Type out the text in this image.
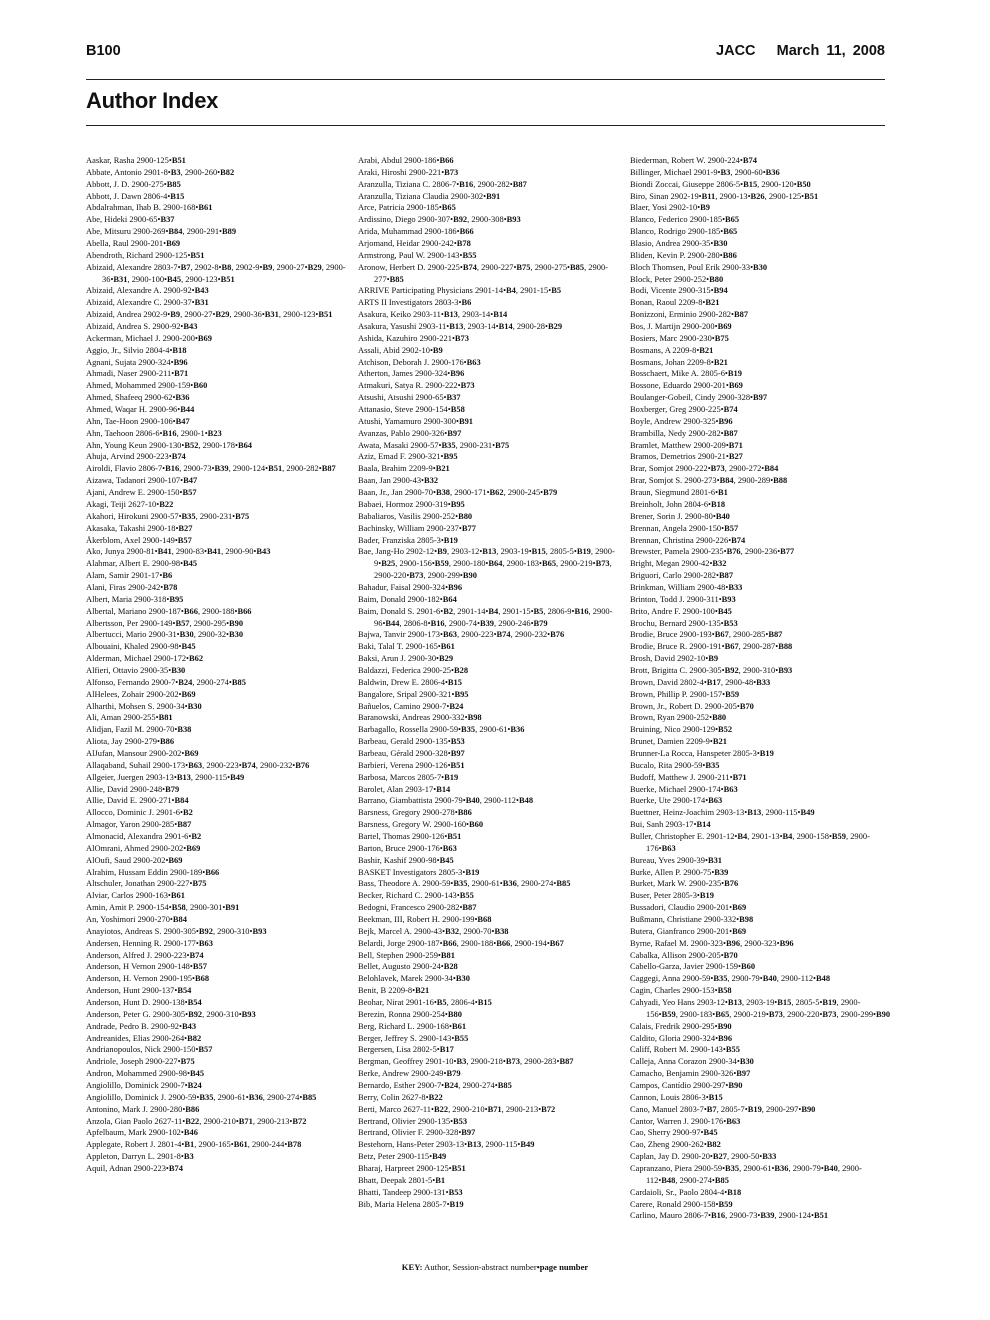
B100	JACC March 11, 2008
Author Index
Aaskar, Rasha 2900-125•B51
Abbate, Antonio 2901-8•B3, 2900-260•B82
Abbott, J. D. 2900-275•B85
Abbott, J. Dawn 2806-4•B15
Abdalrahman, Ihab B. 2900-168•B61
Abe, Hideki 2900-65•B37
Abe, Mitsuru 2900-269•B84, 2900-291•B89
Abella, Raul 2900-201•B69
Abendroth, Richard 2900-125•B51
Abizaid, Alexandre 2803-7•B7, 2902-8•B8, 2902-9•B9, 2900-27•B29, 2900-36•B31, 2900-100•B45, 2900-123•B51
Abizaid, Alexandre A. 2900-92•B43
Abizaid, Alexandre C. 2900-37•B31
Abizaid, Andrea 2902-9•B9, 2900-27•B29, 2900-36•B31, 2900-123•B51
Abizaid, Andrea S. 2900-92•B43
Ackerman, Michael J. 2900-200•B69
Aggio, Jr., Silvio 2804-4•B18
Agnani, Sujata 2900-324•B96
Ahmadi, Naser 2900-211•B71
Ahmed, Mohammed 2900-159•B60
Ahmed, Shafeeq 2900-62•B36
Ahmed, Waqar H. 2900-96•B44
Ahn, Tae-Hoon 2900-106•B47
Ahn, Taehoon 2806-6•B16, 2900-1•B23
Ahn, Young Keun 2900-130•B52, 2900-178•B64
Ahuja, Arvind 2900-223•B74
Airoldi, Flavio 2806-7•B16, 2900-73•B39, 2900-124•B51, 2900-282•B87
Aizawa, Tadanori 2900-107•B47
Ajani, Andrew E. 2900-150•B57
Akagi, Teiji 2627-10•B22
Akahori, Hirokuni 2900-57•B35, 2900-231•B75
Akasaka, Takashi 2900-18•B27
Åkerblom, Axel 2900-149•B57
Ako, Junya 2900-81•B41, 2900-83•B41, 2900-90•B43
Alahmar, Albert E. 2900-98•B45
Alam, Samir 2901-17•B6
Alani, Firas 2900-242•B78
Albert, Maria 2900-318•B95
Albertal, Mariano 2900-187•B66, 2900-188•B66
Albertsson, Per 2900-149•B57, 2900-295•B90
Albertucci, Mario 2900-31•B30, 2900-32•B30
Albouaini, Khaled 2900-98•B45
Alderman, Michael 2900-172•B62
Alfieri, Ottavio 2900-35•B30
Alfonso, Fernando 2900-7•B24, 2900-274•B85
AlHelees, Zohair 2900-202•B69
Alharthi, Mohsen S. 2900-34•B30
Ali, Aman 2900-255•B81
Alidjan, Fazil M. 2900-70•B38
Aliota, Jay 2900-279•B86
AlJufan, Mansour 2900-202•B69
Allaqaband, Suhail 2900-173•B63, 2900-223•B74, 2900-232•B76
Allgeier, Juergen 2903-13•B13, 2900-115•B49
Allie, David 2900-248•B79
Allie, David E. 2900-271•B84
Allocco, Dominic J. 2901-6•B2
Almagor, Yaron 2900-285•B87
Almonacid, Alexandra 2901-6•B2
AlOmrani, Ahmed 2900-202•B69
AlOufi, Saud 2900-202•B69
Alrahim, Hussam Eddin 2900-189•B66
Altschuler, Jonathan 2900-227•B75
Alviar, Carlos 2900-163•B61
Amin, Amit P. 2900-154•B58, 2900-301•B91
An, Yoshimori 2900-270•B84
Anayiotos, Andreas S. 2900-305•B92, 2900-310•B93
Andersen, Henning R. 2900-177•B63
Anderson, Alfred J. 2900-223•B74
Anderson, H Vernon 2900-148•B57
Anderson, H. Vernon 2900-195•B68
Anderson, Hunt 2900-137•B54
Anderson, Hunt D. 2900-138•B54
Anderson, Peter G. 2900-305•B92, 2900-310•B93
Andrade, Pedro B. 2900-92•B43
Andreanides, Elias 2900-264•B82
Andrianopoulos, Nick 2900-150•B57
Andriole, Joseph 2900-227•B75
Andron, Mohammed 2900-98•B45
Angiolillo, Dominick 2900-7•B24
Angiolillo, Dominick J. 2900-59•B35, 2900-61•B36, 2900-274•B85
Antonino, Mark J. 2900-280•B86
Anzola, Gian Paolo 2627-11•B22, 2900-210•B71, 2900-213•B72
Apfelbaum, Mark 2900-102•B46
Applegate, Robert J. 2801-4•B1, 2900-165•B61, 2900-244•B78
Appleton, Darryn L. 2901-8•B3
Aquil, Adnan 2900-223•B74
Arabi, Abdul 2900-186•B66
Araki, Hiroshi 2900-221•B73
Aranzulla, Tiziana C. 2806-7•B16, 2900-282•B87
Aranzulla, Tiziana Claudia 2900-302•B91
Arce, Patricia 2900-185•B65
Ardissino, Diego 2900-307•B92, 2900-308•B93
Arida, Muhammad 2900-186•B66
Arjomand, Heidar 2900-242•B78
Armstrong, Paul W. 2900-143•B55
Aronow, Herbert D. 2900-225•B74, 2900-227•B75, 2900-275•B85, 2900-277•B85
ARRIVE Participating Physicians 2901-14•B4, 2901-15•B5
ARTS II Investigators 2803-3•B6
Asakura, Keiko 2903-11•B13, 2903-14•B14
Asakura, Yasushi 2903-11•B13, 2903-14•B14, 2900-28•B29
Ashida, Kazuhiro 2900-221•B73
Assali, Abid 2902-10•B9
Atchison, Deborah J. 2900-176•B63
Atherton, James 2900-324•B96
Atmakuri, Satya R. 2900-222•B73
Atsushi, Atsushi 2900-65•B37
Attanasio, Steve 2900-154•B58
Atushi, Yamamuro 2900-300•B91
Avanzas, Pablo 2900-326•B97
Awata, Masaki 2900-57•B35, 2900-231•B75
Aziz, Emad F. 2900-321•B95
Baala, Brahim 2209-9•B21
Baan, Jan 2900-43•B32
Baan, Jr., Jan 2900-70•B38, 2900-171•B62, 2900-245•B79
Babaei, Hormoz 2900-319•B95
Babaliaros, Vasilis 2900-252•B80
Bachinsky, William 2900-237•B77
Bader, Franziska 2805-3•B19
Bae, Jang-Ho 2902-12•B9, 2903-12•B13, 2903-19•B15, 2805-5•B19, 2900-9•B25, 2900-156•B59, 2900-180•B64, 2900-183•B65, 2900-219•B73, 2900-220•B73, 2900-299•B90
Bahadur, Faisal 2900-324•B96
Baim, Donald 2900-182•B64
Baim, Donald S. 2901-6•B2, 2901-14•B4, 2901-15•B5, 2806-9•B16, 2900-96•B44, 2806-8•B16, 2900-74•B39, 2900-246•B79
Bajwa, Tanvir 2900-173•B63, 2900-223•B74, 2900-232•B76
Baki, Talal T. 2900-165•B61
Baksi, Arun J. 2900-30•B29
Baldazzi, Federica 2900-25•B28
Baldwin, Drew E. 2806-4•B15
Bangalore, Sripal 2900-321•B95
Bañuelos, Camino 2900-7•B24
Baranowski, Andreas 2900-332•B98
Barbagallo, Rossella 2900-59•B35, 2900-61•B36
Barbeau, Gerald 2900-135•B53
Barbeau, Gérald 2900-328•B97
Barbieri, Verena 2900-126•B51
Barbosa, Marcos 2805-7•B19
Barolet, Alan 2903-17•B14
Barrano, Giambattista 2900-79•B40, 2900-112•B48
Barsness, Gregory 2900-278•B86
Barsness, Gregory W. 2900-160•B60
Bartel, Thomas 2900-126•B51
Barton, Bruce 2900-176•B63
Bashir, Kashif 2900-98•B45
BASKET Investigators 2805-3•B19
Bass, Theodore A. 2900-59•B35, 2900-61•B36, 2900-274•B85
Becker, Richard C. 2900-143•B55
Bedogni, Francesco 2900-282•B87
Beekman, III, Robert H. 2900-199•B68
Bejk, Marcel A. 2900-43•B32, 2900-70•B38
Belardi, Jorge 2900-187•B66, 2900-188•B66, 2900-194•B67
Bell, Stephen 2900-259•B81
Bellet, Augusto 2900-24•B28
Belohlavek, Marek 2900-34•B30
Benit, B 2209-8•B21
Beohar, Nirat 2901-16•B5, 2806-4•B15
Berezin, Ronna 2900-254•B80
Berg, Richard L. 2900-168•B61
Berger, Jeffrey S. 2900-143•B55
Bergersen, Lisa 2802-5•B17
Bergman, Geoffrey 2901-10•B3, 2900-218•B73, 2900-283•B87
Berke, Andrew 2900-249•B79
Bernardo, Esther 2900-7•B24, 2900-274•B85
Berry, Colin 2627-8•B22
Berti, Marco 2627-11•B22, 2900-210•B71, 2900-213•B72
Bertrand, Olivier 2900-135•B53
Bertrand, Olivier F. 2900-328•B97
Bestehorn, Hans-Peter 2903-13•B13, 2900-115•B49
Betz, Peter 2900-115•B49
Bharaj, Harpreet 2900-125•B51
Bhatt, Deepak 2801-5•B1
Bhatti, Tandeep 2900-131•B53
Bib, Maria Helena 2805-7•B19
Biederman, Robert W. 2900-224•B74
Billinger, Michael 2901-9•B3, 2900-60•B36
Biondi Zoccai, Giuseppe 2806-5•B15, 2900-120•B50
Biro, Sinan 2902-19•B11, 2900-13•B26, 2900-125•B51
Blaer, Yosi 2902-10•B9
Blanco, Federico 2900-185•B65
Blanco, Rodrigo 2900-185•B65
Blasio, Andrea 2900-35•B30
Bliden, Kevin P. 2900-280•B86
Bloch Thomsen, Poul Erik 2900-33•B30
Block, Peter 2900-252•B80
Bodi, Vicente 2900-315•B94
Bonan, Raoul 2209-8•B21
Bonizzoni, Erminio 2900-282•B87
Bos, J. Martijn 2900-200•B69
Bosiers, Marc 2900-230•B75
Bosmans, A 2209-8•B21
Bosmans, Johan 2209-8•B21
Bosschaert, Mike A. 2805-6•B19
Bossone, Eduardo 2900-201•B69
Boulanger-Gobeil, Cindy 2900-328•B97
Boxberger, Greg 2900-225•B74
Boyle, Andrew 2900-325•B96
Brambilla, Nedy 2900-282•B87
Bramlet, Matthew 2900-209•B71
Bramos, Demetrios 2900-21•B27
Brar, Somjot 2900-222•B73, 2900-272•B84
Brar, Somjot S. 2900-273•B84, 2900-289•B88
Braun, Siegmund 2801-6•B1
Breinholt, John 2804-6•B18
Brener, Sorin J. 2900-80•B40
Brennan, Angela 2900-150•B57
Brennan, Christina 2900-226•B74
Brewster, Pamela 2900-235•B76, 2900-236•B77
Bright, Megan 2900-42•B32
Briguori, Carlo 2900-282•B87
Brinkman, William 2900-48•B33
Brinton, Todd J. 2900-311•B93
Brito, Andre F. 2900-100•B45
Brochu, Bernard 2900-135•B53
Brodie, Bruce 2900-193•B67, 2900-285•B87
Brodie, Bruce R. 2900-191•B67, 2900-287•B88
Brosh, David 2902-10•B9
Brott, Brigitta C. 2900-305•B92, 2900-310•B93
Brown, David 2802-4•B17, 2900-48•B33
Brown, Phillip P. 2900-157•B59
Brown, Jr., Robert D. 2900-205•B70
Brown, Ryan 2900-252•B80
Bruining, Nico 2900-129•B52
Brunet, Damien 2209-9•B21
Brunner-La Rocca, Hanspeter 2805-3•B19
Bucalo, Rita 2900-59•B35
Budoff, Matthew J. 2900-211•B71
Buerke, Michael 2900-174•B63
Buerke, Ute 2900-174•B63
Buettner, Heinz-Joachim 2903-13•B13, 2900-115•B49
Bui, Sanh 2903-17•B14
Buller, Christopher E. 2901-12•B4, 2901-13•B4, 2900-158•B59, 2900-176•B63
Bureau, Yves 2900-39•B31
Burke, Allen P. 2900-75•B39
Burket, Mark W. 2900-235•B76
Buser, Peter 2805-3•B19
Bussadori, Claudio 2900-201•B69
Bußmann, Christiane 2900-332•B98
Butera, Gianfranco 2900-201•B69
Byrne, Rafael M. 2900-323•B96, 2900-323•B96
Cabalka, Allison 2900-205•B70
Cabello-Garza, Javier 2900-159•B60
Caggegi, Anna 2900-59•B35, 2900-79•B40, 2900-112•B48
Cagin, Charles 2900-153•B58
Cahyadi, Yeo Hans 2903-12•B13, 2903-19•B15, 2805-5•B19, 2900-156•B59, 2900-183•B65, 2900-219•B73, 2900-220•B73, 2900-299•B90
Calais, Fredrik 2900-295•B90
Caldito, Gloria 2900-324•B96
Califf, Robert M. 2900-143•B55
Calleja, Anna Corazon 2900-34•B30
Camacho, Benjamin 2900-326•B97
Campos, Cantídio 2900-297•B90
Cannon, Louis 2806-3•B15
Cano, Manuel 2803-7•B7, 2805-7•B19, 2900-297•B90
Cantor, Warren J. 2900-176•B63
Cao, Sherry 2900-97•B45
Cao, Zheng 2900-262•B82
Caplan, Jay D. 2900-20•B27, 2900-50•B33
Capranzano, Piera 2900-59•B35, 2900-61•B36, 2900-79•B40, 2900-112•B48, 2900-274•B85
Cardaioli, Sr., Paolo 2804-4•B18
Carere, Ronald 2900-158•B59
Carlino, Mauro 2806-7•B16, 2900-73•B39, 2900-124•B51
KEY: Author, Session-abstract number•page number
